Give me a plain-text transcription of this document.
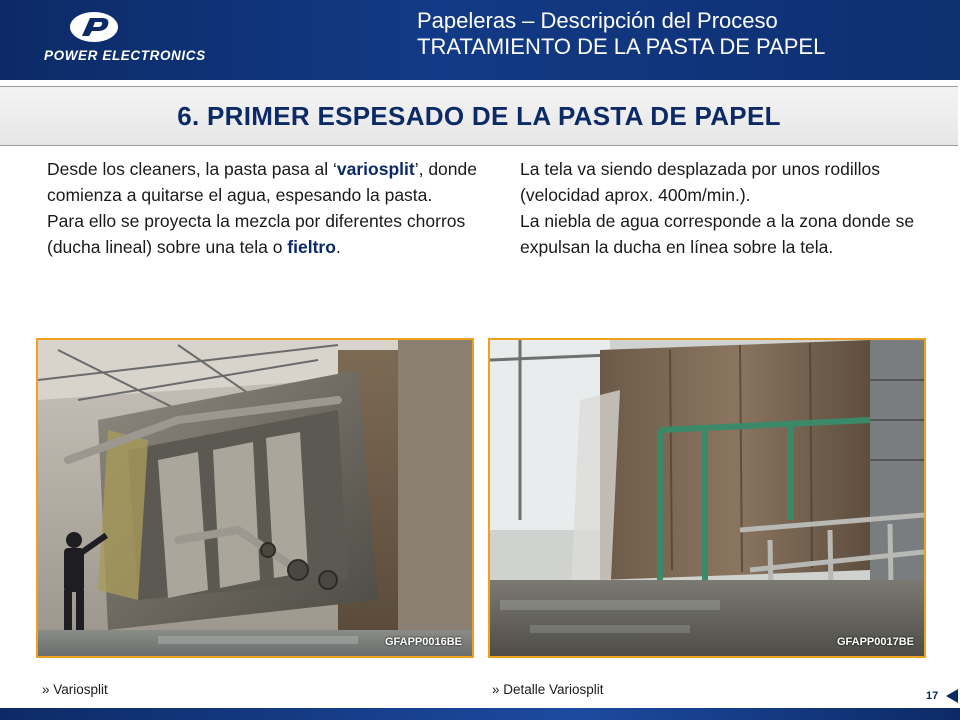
POWER ELECTRONICS
Papeleras – Descripción del Proceso
TRATAMIENTO DE LA PASTA DE PAPEL
6. PRIMER ESPESADO DE LA PASTA DE PAPEL

Desde los cleaners, la pasta pasa al ‘variosplit’, donde comienza a quitarse el agua, espesando la pasta.

Para ello se proyecta la mezcla por diferentes chorros (ducha lineal) sobre una tela o fieltro.

La tela va siendo desplazada por unos rodillos (velocidad aprox. 400m/min.).

La niebla de agua corresponde a la zona donde se expulsan la ducha en línea sobre la tela.

GFAPP0016BE	GFAPP0017BE
» Variosplit	» Detalle Variosplit	17
